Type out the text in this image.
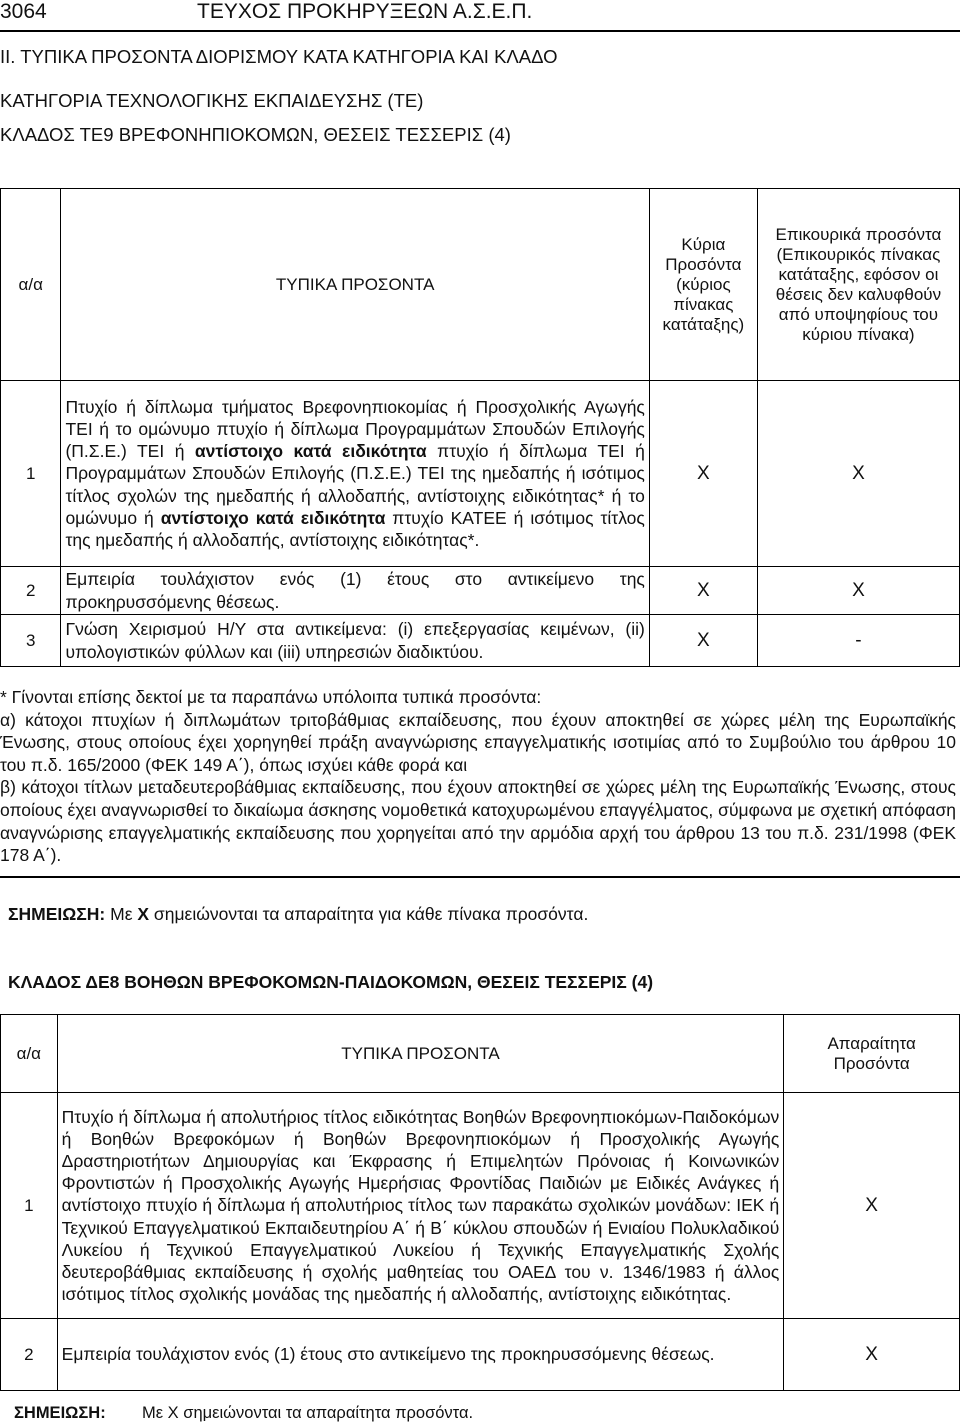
3064	ΤΕΥΧΟΣ ΠΡΟΚΗΡΥΞΕΩΝ Α.Σ.Ε.Π.
ΙΙ. ΤΥΠΙΚΑ ΠΡΟΣΟΝΤΑ ΔΙΟΡΙΣΜΟΥ ΚΑΤΑ ΚΑΤΗΓΟΡΙΑ ΚΑΙ ΚΛΑΔΟ
ΚΑΤΗΓΟΡΙΑ ΤΕΧΝΟΛΟΓΙΚΗΣ ΕΚΠΑΙΔΕΥΣΗΣ (ΤΕ)
ΚΛΑΔΟΣ ΤΕ9 ΒΡΕΦΟΝΗΠΙΟΚΟΜΩΝ, ΘΕΣΕΙΣ ΤΕΣΣΕΡΙΣ (4)
α/α	ΤΥΠΙΚΑ ΠΡΟΣΟΝΤΑ	Κύρια Προσόντα (κύριος πίνακας κατάταξης)	Επικουρικά προσόντα (Επικουρικός πίνακας κατάταξης, εφόσον οι θέσεις δεν καλυφθούν από υποψηφίους του κύριου πίνακα)
1	Πτυχίο ή δίπλωμα τμήματος Βρεφονηπιοκομίας ή Προσχολικής Αγωγής ΤΕΙ ή το ομώνυμο πτυχίο ή δίπλωμα Προγραμμάτων Σπουδών Επιλογής (Π.Σ.Ε.) ΤΕΙ ή αντίστοιχο κατά ειδικότητα πτυχίο ή δίπλωμα ΤΕΙ ή Προγραμμάτων Σπουδών Επιλογής (Π.Σ.Ε.) ΤΕΙ της ημεδαπής ή ισότιμος τίτλος σχολών της ημεδαπής ή αλλοδαπής, αντίστοιχης ειδικότητας* ή το ομώνυμο ή αντίστοιχο κατά ειδικότητα πτυχίο ΚΑΤΕΕ ή ισότιμος τίτλος της ημεδαπής ή αλλοδαπής, αντίστοιχης ειδικότητας*.	Χ	Χ
2	Εμπειρία τουλάχιστον ενός (1) έτους στο αντικείμενο της προκηρυσσόμενης θέσεως.	Χ	Χ
3	Γνώση Χειρισμού Η/Υ στα αντικείμενα: (i) επεξεργασίας κειμένων, (ii) υπολογιστικών φύλλων και (iii) υπηρεσιών διαδικτύου.	Χ	-

* Γίνονται επίσης δεκτοί με τα παραπάνω υπόλοιπα τυπικά προσόντα:

α) κάτοχοι πτυχίων ή διπλωμάτων τριτοβάθμιας εκπαίδευσης, που έχουν αποκτηθεί σε χώρες μέλη της Ευρωπαϊκής Ένωσης, στους οποίους έχει χορηγηθεί πράξη αναγνώρισης επαγγελματικής ισοτιμίας από το Συμβούλιο του άρθρου 10 του π.δ. 165/2000 (ΦΕΚ 149 Α΄), όπως ισχύει κάθε φορά και

β) κάτοχοι τίτλων μεταδευτεροβάθμιας εκπαίδευσης, που έχουν αποκτηθεί σε χώρες μέλη της Ευρωπαϊκής Ένωσης, στους οποίους έχει αναγνωρισθεί το δικαίωμα άσκησης νομοθετικά κατοχυρωμένου επαγγέλματος, σύμφωνα με σχετική απόφαση αναγνώρισης επαγγελματικής εκπαίδευσης που χορηγείται από την αρμόδια αρχή του άρθρου 13 του π.δ. 231/1998 (ΦΕΚ 178 Α΄).

ΣΗΜΕΙΩΣΗ: Με Χ σημειώνονται τα απαραίτητα για κάθε πίνακα προσόντα.
ΚΛΑΔΟΣ ΔΕ8 ΒΟΗΘΩΝ ΒΡΕΦΟΚΟΜΩΝ-ΠΑΙΔΟΚΟΜΩΝ, ΘΕΣΕΙΣ ΤΕΣΣΕΡΙΣ (4)
α/α	ΤΥΠΙΚΑ ΠΡΟΣΟΝΤΑ	Απαραίτητα Προσόντα
1	Πτυχίο ή δίπλωμα ή απολυτήριος τίτλος ειδικότητας Βοηθών Βρεφονηπιοκόμων-Παιδοκόμων ή Βοηθών Βρεφοκόμων ή Βοηθών Βρεφονηπιοκόμων ή Προσχολικής Αγωγής Δραστηριοτήτων Δημιουργίας και Έκφρασης ή Επιμελητών Πρόνοιας ή Κοινωνικών Φροντιστών ή Προσχολικής Αγωγής Ημερήσιας Φροντίδας Παιδιών με Ειδικές Ανάγκες ή αντίστοιχο πτυχίο ή δίπλωμα ή απολυτήριος τίτλος των παρακάτω σχολικών μονάδων: ΙΕΚ ή Τεχνικού Επαγγελματικού Εκπαιδευτηρίου Α΄ ή Β΄ κύκλου σπουδών ή Ενιαίου Πολυκλαδικού Λυκείου ή Τεχνικού Επαγγελματικού Λυκείου ή Τεχνικής Επαγγελματικής Σχολής δευτεροβάθμιας εκπαίδευσης ή σχολής μαθητείας του ΟΑΕΔ του ν. 1346/1983 ή άλλος ισότιμος τίτλος σχολικής μονάδας της ημεδαπής ή αλλοδαπής, αντίστοιχης ειδικότητας.	Χ
2	Εμπειρία τουλάχιστον ενός (1) έτους στο αντικείμενο της προκηρυσσόμενης θέσεως.	Χ
ΣΗΜΕΙΩΣΗ: Με Χ σημειώνονται τα απαραίτητα προσόντα.
